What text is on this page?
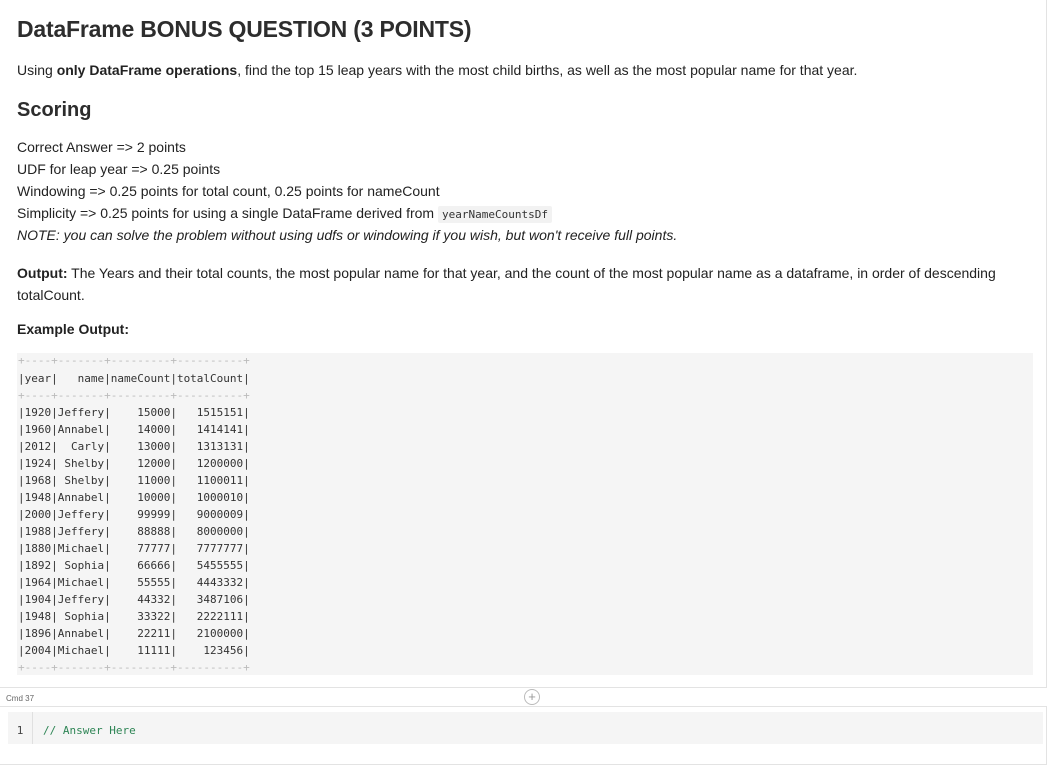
DataFrame BONUS QUESTION (3 POINTS)

Using only DataFrame operations, find the top 15 leap years with the most child births, as well as the most popular name for that year.

Scoring

Correct Answer => 2 points

UDF for leap year => 0.25 points

Windowing => 0.25 points for total count, 0.25 points for nameCount

Simplicity => 0.25 points for using a single DataFrame derived from yearNameCountsDf

NOTE: you can solve the problem without using udfs or windowing if you wish, but won't receive full points.

Output: The Years and their total counts, the most popular name for that year, and the count of the most popular name as a dataframe, in order of descending totalCount.

Example Output:

+----+-------+---------+----------+
|year|   name|nameCount|totalCount|
+----+-------+---------+----------+
|1920|Jeffery|    15000|   1515151|
|1960|Annabel|    14000|   1414141|
|2012|  Carly|    13000|   1313131|
|1924| Shelby|    12000|   1200000|
|1968| Shelby|    11000|   1100011|
|1948|Annabel|    10000|   1000010|
|2000|Jeffery|    99999|   9000009|
|1988|Jeffery|    88888|   8000000|
|1880|Michael|    77777|   7777777|
|1892| Sophia|    66666|   5455555|
|1964|Michael|    55555|   4443332|
|1904|Jeffery|    44332|   3487106|
|1948| Sophia|    33322|   2222111|
|1896|Annabel|    22211|   2100000|
|2004|Michael|    11111|    123456|
+----+-------+---------+----------+
Cmd 37	+
1	// Answer Here
